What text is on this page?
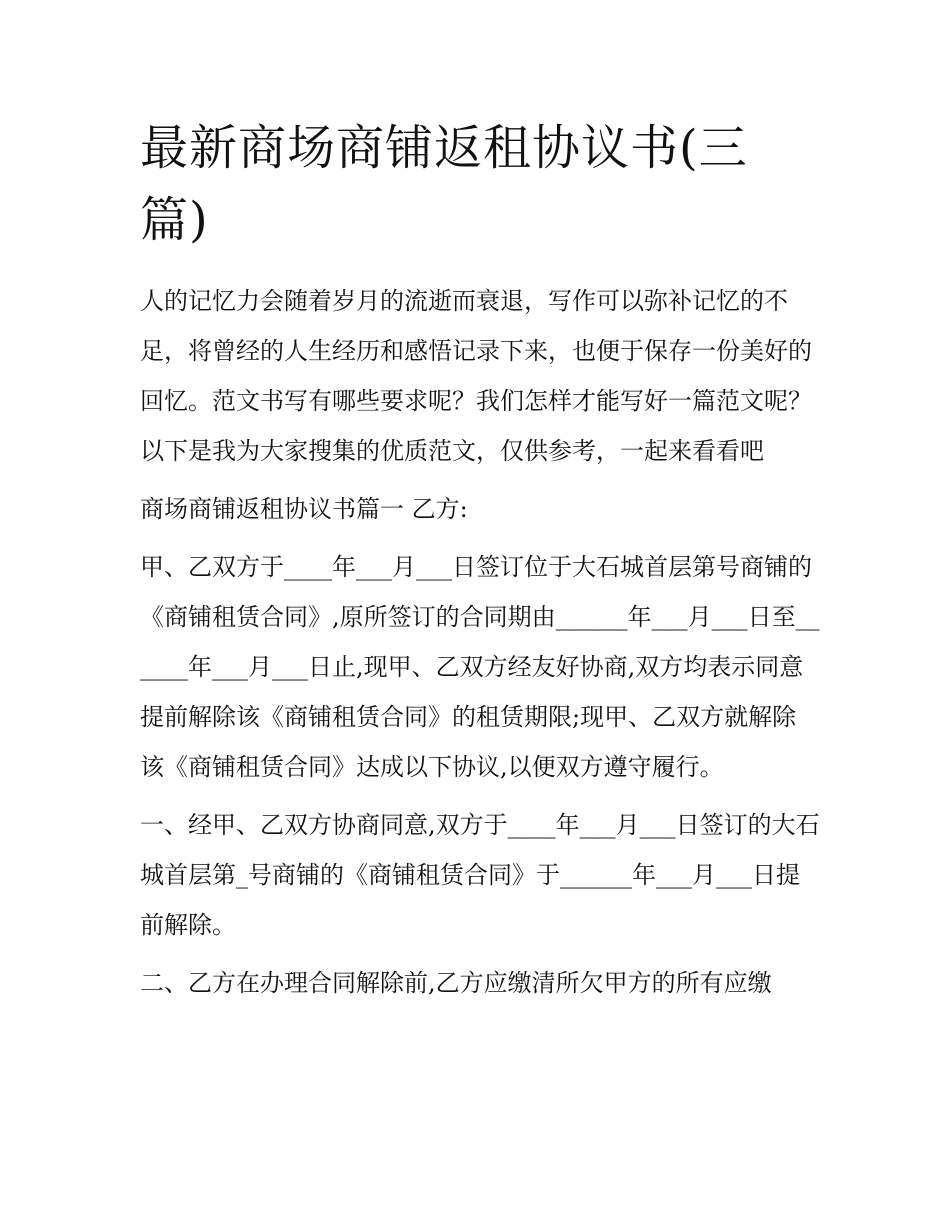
最新商场商铺返租协议书(三篇)

人的记忆力会随着岁月的流逝而衰退，写作可以弥补记忆的不足，将曾经的人生经历和感悟记录下来，也便于保存一份美好的回忆。范文书写有哪些要求呢？我们怎样才能写好一篇范文呢？以下是我为大家搜集的优质范文，仅供参考，一起来看看吧

商场商铺返租协议书篇一 乙方:

甲、乙双方于____年___月___日签订位于大石城首层第号商铺的《商铺租赁合同》,原所签订的合同期由______年___月___日至______年___月___日止,现甲、乙双方经友好协商,双方均表示同意提前解除该《商铺租赁合同》的租赁期限;现甲、乙双方就解除该《商铺租赁合同》达成以下协议,以便双方遵守履行。

一、经甲、乙双方协商同意,双方于____年___月___日签订的大石城首层第_号商铺的《商铺租赁合同》于______年___月___日提前解除。

二、乙方在办理合同解除前,乙方应缴清所欠甲方的所有应缴
